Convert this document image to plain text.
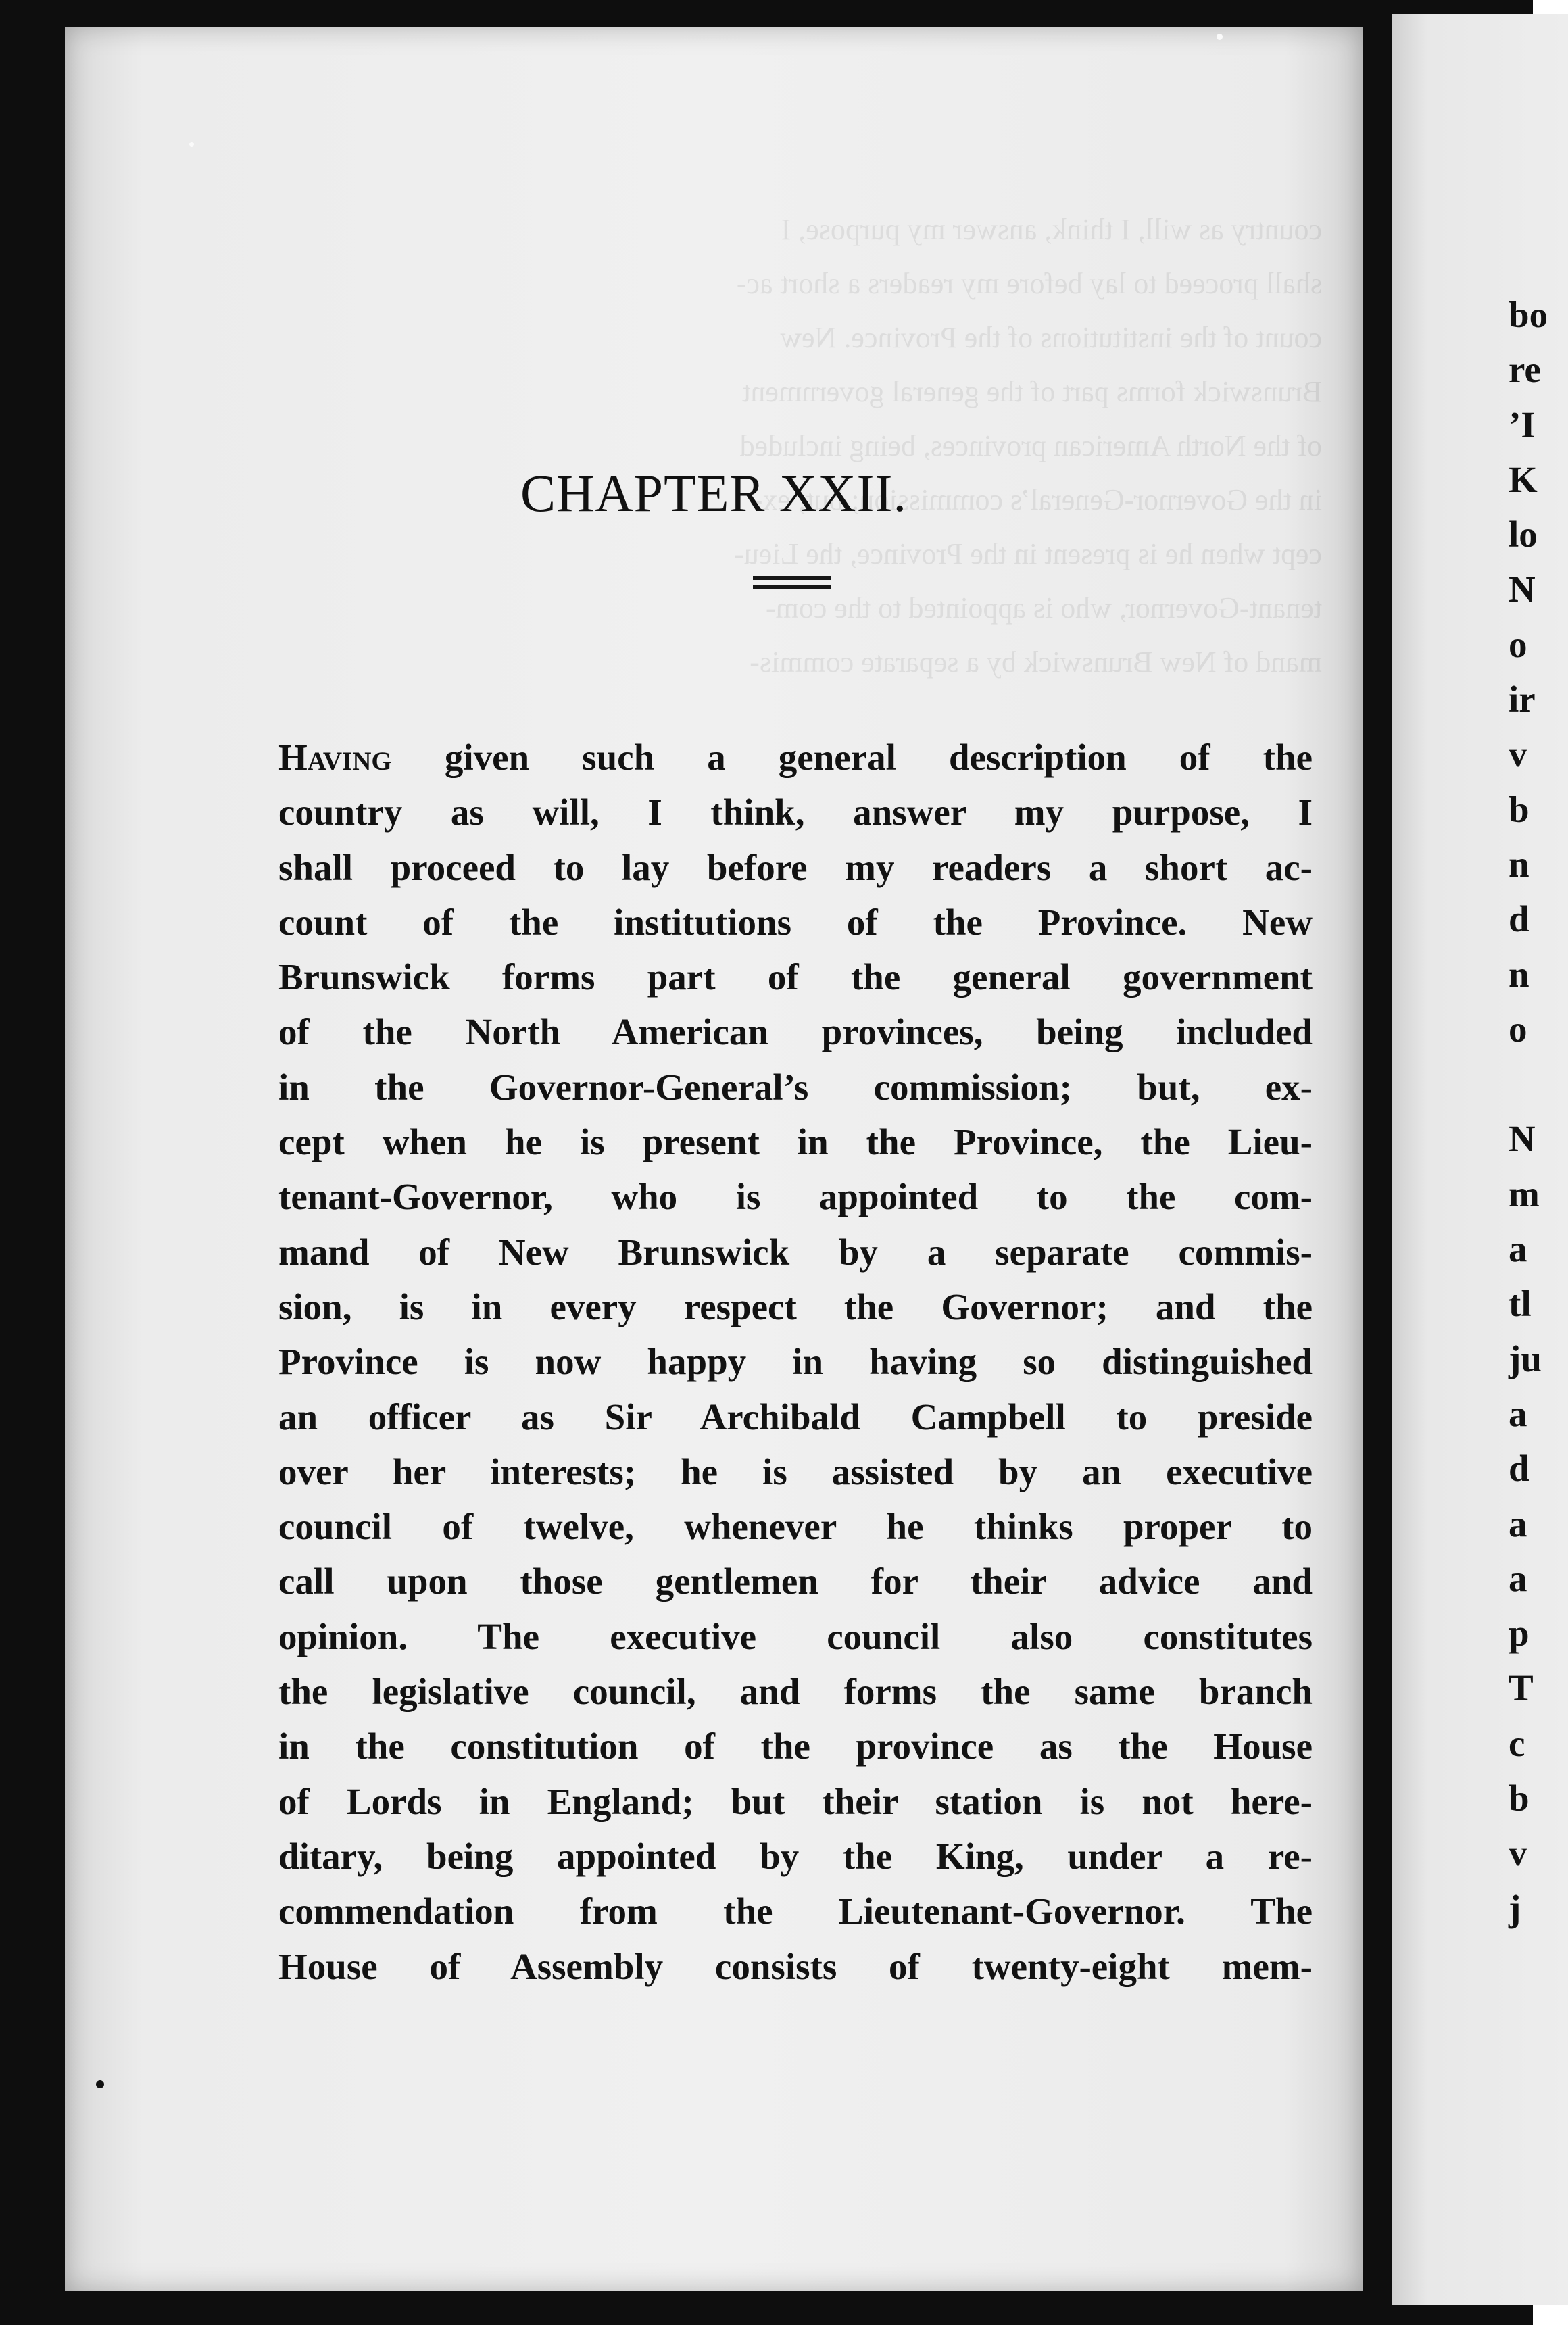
country as will, I think, answer my purpose, I
shall proceed to lay before my readers a short ac-
count of the institutions of the Province. New
Brunswick forms part of the general government
of the North American provinces, being included
in the Governor-General’s commission; but, ex-
cept when he is present in the Province, the Lieu-
tenant-Governor, who is appointed to the com-
mand of New Brunswick by a separate commis-
CHAPTER XXII.

Having given such a general description of the
country as will, I think, answer my purpose, I
shall proceed to lay before my readers a short ac-
count of the institutions of the Province. New
Brunswick forms part of the general government
of the North American provinces, being included
in the Governor-General’s commission; but, ex-
cept when he is present in the Province, the Lieu-
tenant-Governor, who is appointed to the com-
mand of New Brunswick by a separate commis-
sion, is in every respect the Governor; and the
Province is now happy in having so distinguished
an officer as Sir Archibald Campbell to preside
over her interests; he is assisted by an executive
council of twelve, whenever he thinks proper to
call upon those gentlemen for their advice and
opinion. The executive council also constitutes
the legislative council, and forms the same branch
in the constitution of the province as the House
of Lords in England; but their station is not here-
ditary, being appointed by the King, under a re-
commendation from the Lieutenant-Governor. The
House of Assembly consists of twenty-eight mem-

bo
re
’I
K
lo
N
o
ir
v
b
n
d
n
o
N
m
a
tl
ju
a
d
a
a
p
T
c
b
v
j
